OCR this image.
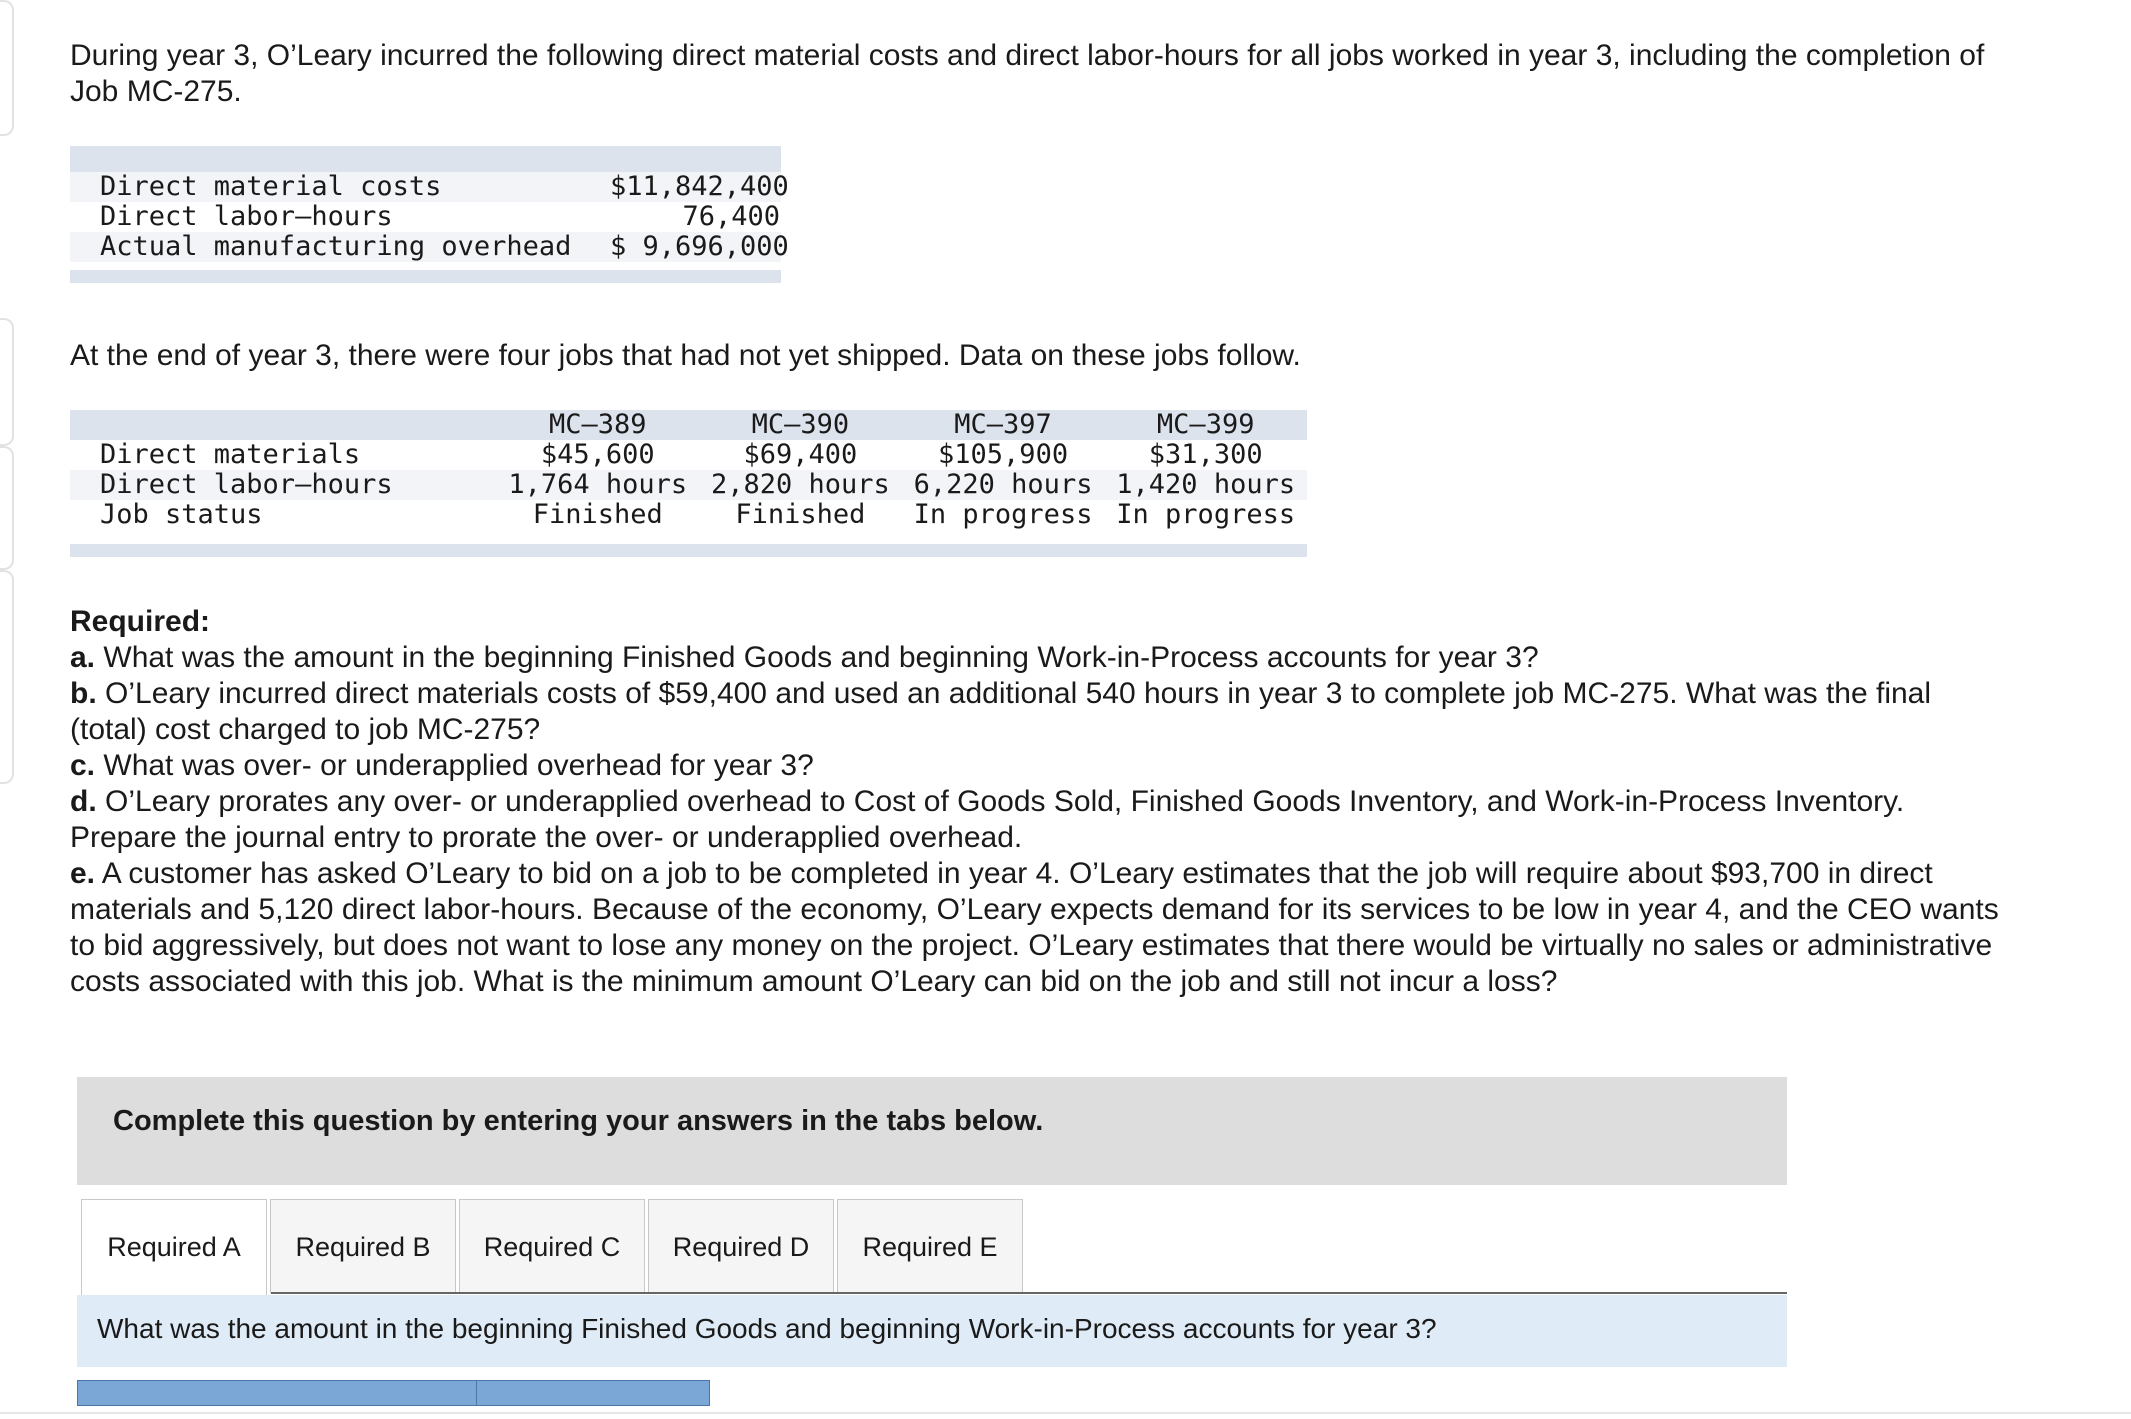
During year 3, O’Leary incurred the following direct material costs and direct labor-hours for all jobs worked in year 3, including the completion of Job MC-275.

Direct material costs	$11,842,400
Direct labor–hours	76,400
Actual manufacturing overhead	$ 9,696,000

At the end of year 3, there were four jobs that had not yet shipped. Data on these jobs follow.

MC–389	MC–390	MC–397	MC–399
Direct materials	$45,600	$69,400	$105,900	$31,300
Direct labor–hours	1,764 hours 2,820 hours 6,220 hours 1,420 hours
Job status	Finished	Finished	In progress In progress

Required:

a. What was the amount in the beginning Finished Goods and beginning Work-in-Process accounts for year 3?

b. O’Leary incurred direct materials costs of $59,400 and used an additional 540 hours in year 3 to complete job MC-275. What was the final (total) cost charged to job MC-275?

c. What was over- or underapplied overhead for year 3?

d. O’Leary prorates any over- or underapplied overhead to Cost of Goods Sold, Finished Goods Inventory, and Work-in-Process Inventory. Prepare the journal entry to prorate the over- or underapplied overhead.

e. A customer has asked O’Leary to bid on a job to be completed in year 4. O’Leary estimates that the job will require about $93,700 in direct materials and 5,120 direct labor-hours. Because of the economy, O’Leary expects demand for its services to be low in year 4, and the CEO wants to bid aggressively, but does not want to lose any money on the project. O’Leary estimates that there would be virtually no sales or administrative costs associated with this job. What is the minimum amount O’Leary can bid on the job and still not incur a loss?

Complete this question by entering your answers in the tabs below.
Required A	Required B	Required C	Required D	Required E
What was the amount in the beginning Finished Goods and beginning Work-in-Process accounts for year 3?
